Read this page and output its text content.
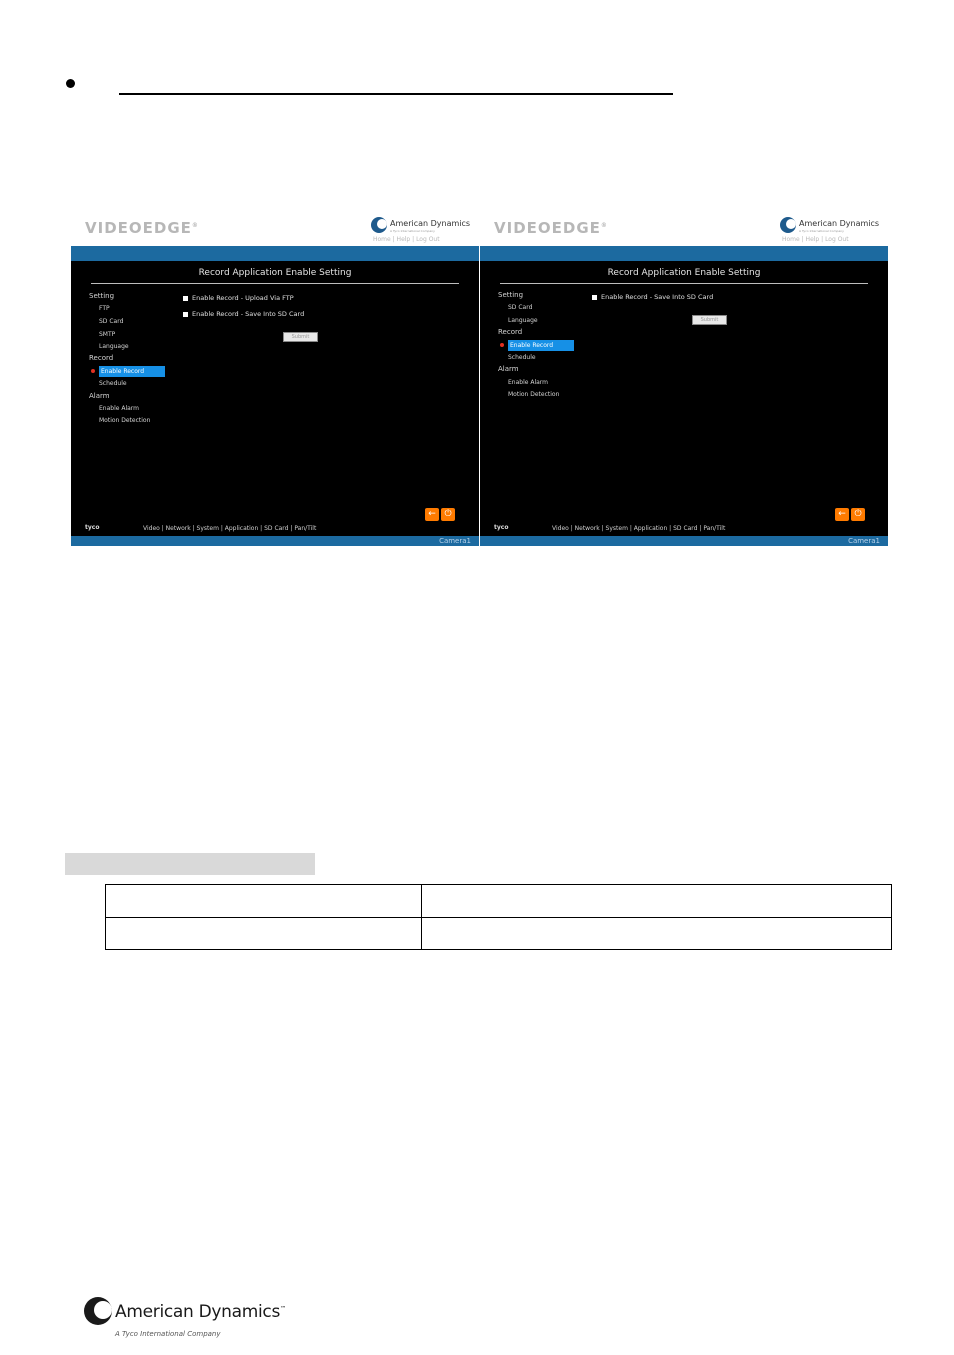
VIDEOEDGE®	American Dynamics
A Tyco International Company
Home | Help | Log Out
Record Application Enable Setting
Setting
FTP
SD Card
SMTP
Language
Record
Enable Record
Schedule
Alarm
Enable Alarm
Motion Detection
Enable Record - Upload Via FTP
Enable Record - Save Into SD Card
Submit
← ⏻
tyco	Video | Network | System | Application | SD Card | Pan/Tilt
Camera1
VIDEOEDGE®	American Dynamics
A Tyco International Company
Home | Help | Log Out
Record Application Enable Setting
Setting
SD Card
Language
Record
Enable Record
Schedule
Alarm
Enable Alarm
Motion Detection
Enable Record - Save Into SD Card
Submit
← ⏻
tyco	Video | Network | System | Application | SD Card | Pan/Tilt
Camera1

American Dynamics™
A Tyco International Company
